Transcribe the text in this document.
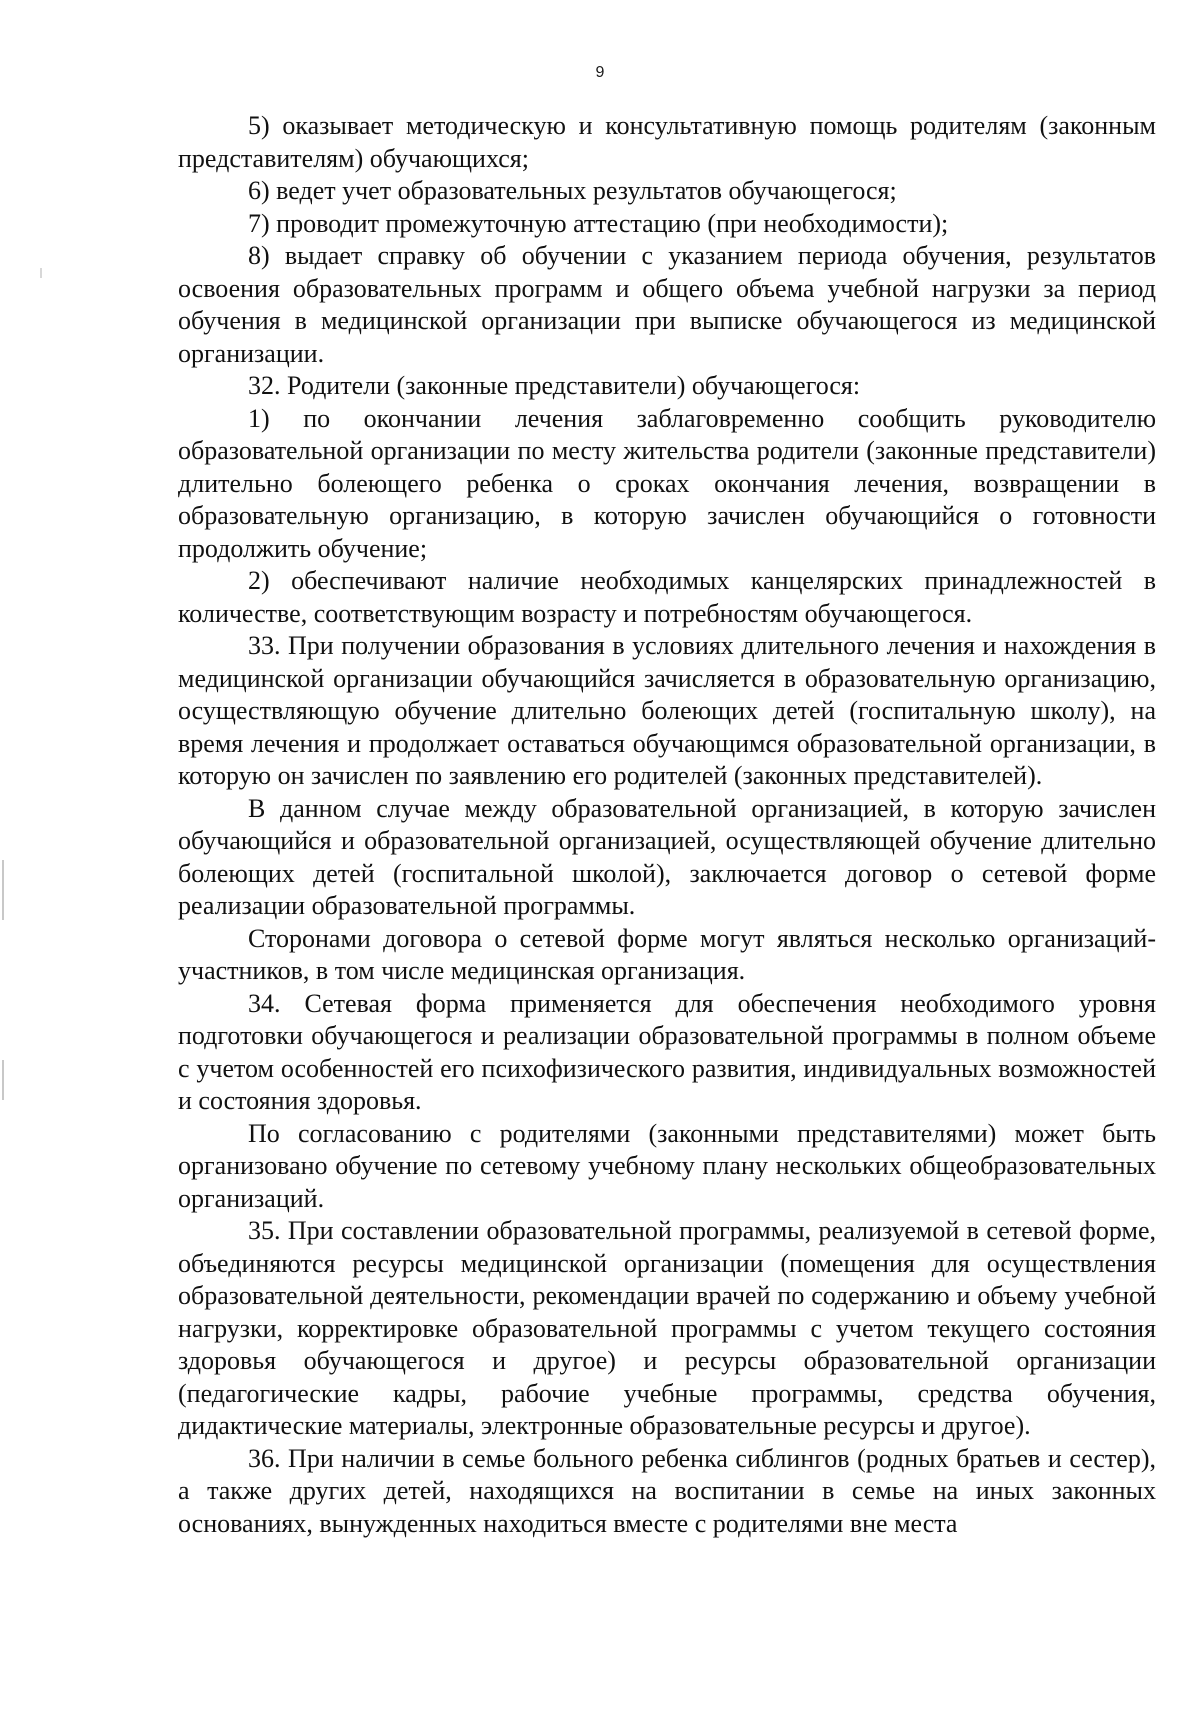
9

5) оказывает методическую и консультативную помощь родителям (законным представителям) обучающихся;

6) ведет учет образовательных результатов обучающегося;

7) проводит промежуточную аттестацию (при необходимости);

8) выдает справку об обучении с указанием периода обучения, результатов освоения образовательных программ и общего объема учебной нагрузки за период обучения в медицинской организации при выписке обучающегося из медицинской организации.

32. Родители (законные представители) обучающегося:

1) по окончании лечения заблаговременно сообщить руководителю образовательной организации по месту жительства родители (законные представители) длительно болеющего ребенка о сроках окончания лечения, возвращении в образовательную организацию, в которую зачислен обучающийся о готовности продолжить обучение;

2) обеспечивают наличие необходимых канцелярских принадлежностей в количестве, соответствующим возрасту и потребностям обучающегося.

33. При получении образования в условиях длительного лечения и нахождения в медицинской организации обучающийся зачисляется в образовательную организацию, осуществляющую обучение длительно болеющих детей (госпитальную школу), на время лечения и продолжает оставаться обучающимся образовательной организации, в которую он зачислен по заявлению его родителей (законных представителей).

В данном случае между образовательной организацией, в которую зачислен обучающийся и образовательной организацией, осуществляющей обучение длительно болеющих детей (госпитальной школой), заключается договор о сетевой форме реализации образовательной программы.

Сторонами договора о сетевой форме могут являться несколько организаций-участников, в том числе медицинская организация.

34. Сетевая форма применяется для обеспечения необходимого уровня подготовки обучающегося и реализации образовательной программы в полном объеме с учетом особенностей его психофизического развития, индивидуальных возможностей и состояния здоровья.

По согласованию с родителями (законными представителями) может быть организовано обучение по сетевому учебному плану нескольких общеобразовательных организаций.

35. При составлении образовательной программы, реализуемой в сетевой форме, объединяются ресурсы медицинской организации (помещения для осуществления образовательной деятельности, рекомендации врачей по содержанию и объему учебной нагрузки, корректировке образовательной программы с учетом текущего состояния здоровья обучающегося и другое) и ресурсы образовательной организации (педагогические кадры, рабочие учебные программы, средства обучения, дидактические материалы, электронные образовательные ресурсы и другое).

36. При наличии в семье больного ребенка сиблингов (родных братьев и сестер), а также других детей, находящихся на воспитании в семье на иных законных основаниях, вынужденных находиться вместе с родителями вне места
